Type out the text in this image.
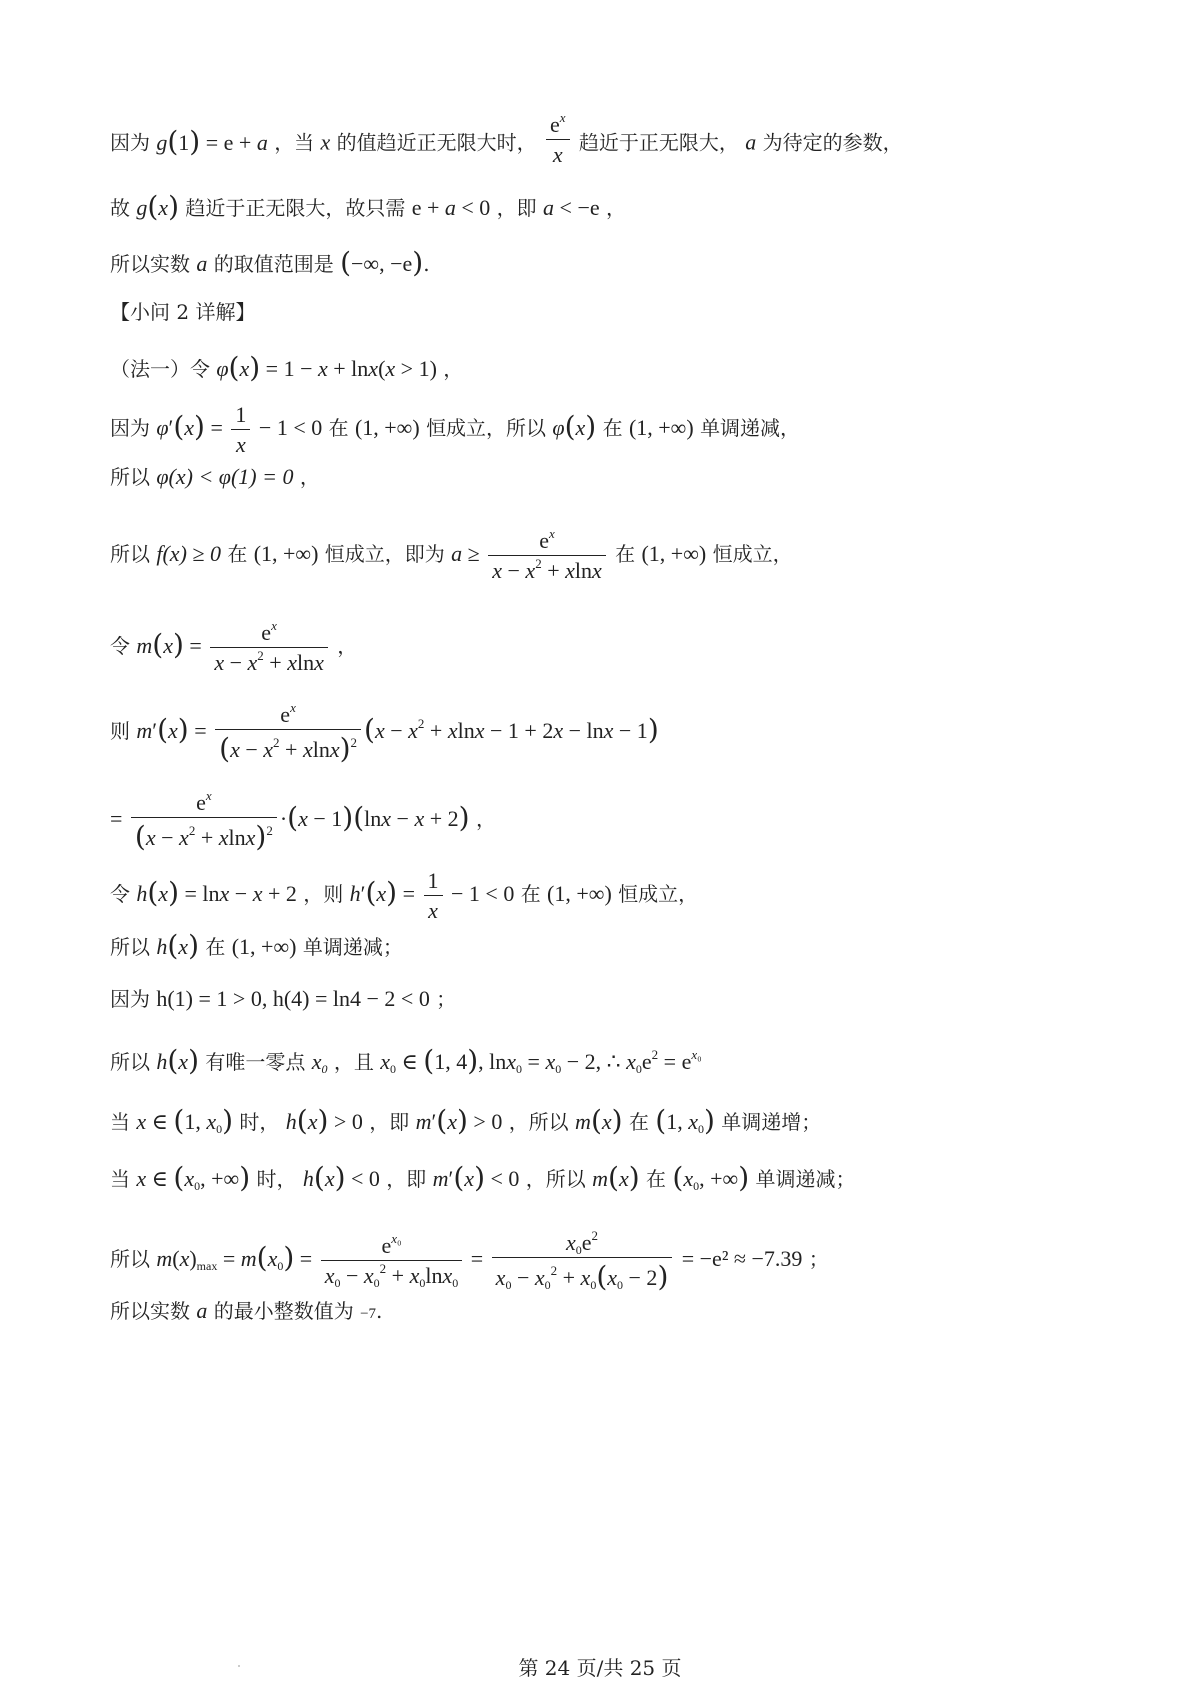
因为 g(1) = e + a ，当 x 的值趋近正无限大时， $\frac{e^x}{x}$ 趋近于正无限大， a 为待定的参数，
故 g(x) 趋近于正无限大，故只需 e + a < 0 ，即 a < −e ，
所以实数 a 的取值范围是 (−∞, −e).
【小问 2 详解】
（法一）令 φ(x) = 1 − x + lnx(x > 1) ，
因为 $\varphi'(x) = \frac{1}{x} - 1 < 0$ 在 (1, +∞) 恒成立，所以 φ(x) 在 (1, +∞) 单调递减，
所以 φ(x) < φ(1) = 0 ，
所以 f(x) ≥ 0 在 (1, +∞) 恒成立，即为 $a \ge \frac{e^x}{x - x^2 + xlnx}$ 在 (1, +∞) 恒成立，
令 $m(x) = \frac{e^x}{x - x^2 + xlnx}$ ，
则 $m'(x) = \frac{e^x}{(x - x^2 + xlnx)^2} (x - x^2 + xlnx - 1 + 2x - \ln x - 1)$
= $\frac{e^x}{(x - x^2 + xlnx)^2} \cdot(x - 1)(\ln x - x + 2)$ ，
令 h(x) = lnx − x + 2 ，则 $h'(x) = \frac{1}{x} - 1 < 0$ 在 (1, +∞) 恒成立，
所以 h(x) 在 (1, +∞) 单调递减；
因为 h(1) = 1 > 0, h(4) = ln4 − 2 < 0 ；
所以 h(x) 有唯一零点 $x_0$ ，且 $x_0$ ∈ (1, 4), $\ln x_0 = x_0 - 2$, ∴ $x_0e^2 = e^{x_0}$
当 x ∈ (1, $x_0$) 时， h(x) > 0 ，即 m′(x) > 0 ，所以 m(x) 在 (1, $x_0$) 单调递增；
当 x ∈ ($x_0$, +∞) 时， h(x) < 0 ，即 m′(x) < 0 ，所以 m(x) 在 ($x_0$, +∞) 单调递减；
所以 $m(x)_{max} = m(x_0) = \frac{e^{x_0}}{x_0 - x_0^2 + x_0\ln x_0} = \frac{x_0e^2}{x_0 - x_0^2 + x_0(x_0 - 2)} = -e^2 \approx -7.39$ ；
所以实数 a 的最小整数值为 −7.
第 24 页/共 25 页
